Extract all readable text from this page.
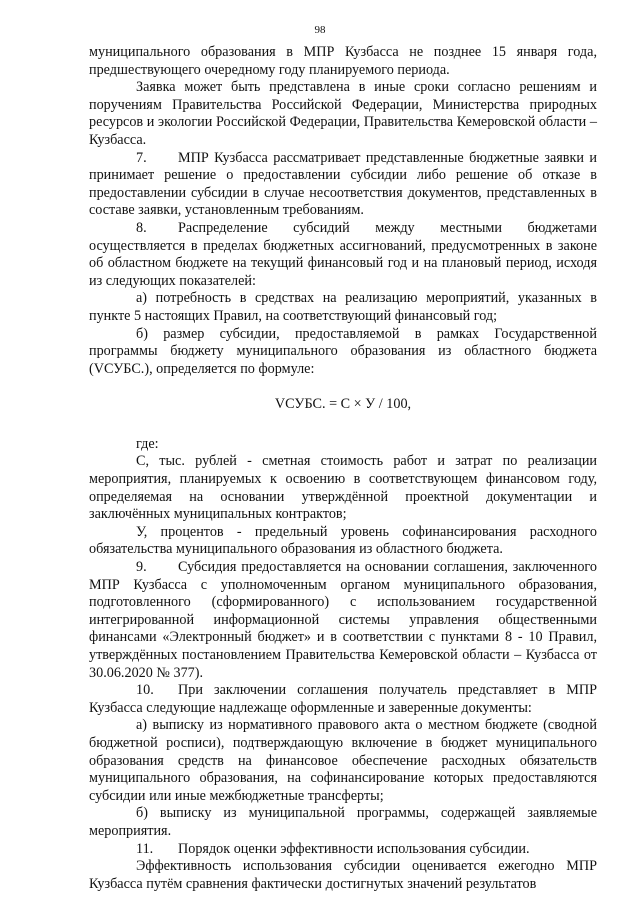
98

муниципального образования в МПР Кузбасса не позднее 15 января года, предшествующего очередному году планируемого периода.

Заявка может быть представлена в иные сроки согласно решениям и поручениям Правительства Российской Федерации, Министерства природных ресурсов и экологии Российской Федерации, Правительства Кемеровской области – Кузбасса.

7. МПР Кузбасса рассматривает представленные бюджетные заявки и принимает решение о предоставлении субсидии либо решение об отказе в предоставлении субсидии в случае несоответствия документов, представленных в составе заявки, установленным требованиям.

8. Распределение субсидий между местными бюджетами осуществляется в пределах бюджетных ассигнований, предусмотренных в законе об областном бюджете на текущий финансовый год и на плановый период, исходя из следующих показателей:

а) потребность в средствах на реализацию мероприятий, указанных в пункте 5 настоящих Правил, на соответствующий финансовый год;

б) размер субсидии, предоставляемой в рамках Государственной программы бюджету муниципального образования из областного бюджета (VСУБС.), определяется по формуле:

VСУБС. = С × У / 100,

где:

С, тыс. рублей - сметная стоимость работ и затрат по реализации мероприятия, планируемых к освоению в соответствующем финансовом году, определяемая на основании утверждённой проектной документации и заключённых муниципальных контрактов;

У, процентов - предельный уровень софинансирования расходного обязательства муниципального образования из областного бюджета.

9. Субсидия предоставляется на основании соглашения, заключенного МПР Кузбасса с уполномоченным органом муниципального образования, подготовленного (сформированного) с использованием государственной интегрированной информационной системы управления общественными финансами «Электронный бюджет» и в соответствии с пунктами 8 - 10 Правил, утверждённых постановлением Правительства Кемеровской области – Кузбасса от 30.06.2020 № 377).

10. При заключении соглашения получатель представляет в МПР Кузбасса следующие надлежаще оформленные и заверенные документы:

а) выписку из нормативного правового акта о местном бюджете (сводной бюджетной росписи), подтверждающую включение в бюджет муниципального образования средств на финансовое обеспечение расходных обязательств муниципального образования, на софинансирование которых предоставляются субсидии или иные межбюджетные трансферты;

б) выписку из муниципальной программы, содержащей заявляемые мероприятия.

11. Порядок оценки эффективности использования субсидии.

Эффективность использования субсидии оценивается ежегодно МПР Кузбасса путём сравнения фактически достигнутых значений результатов
